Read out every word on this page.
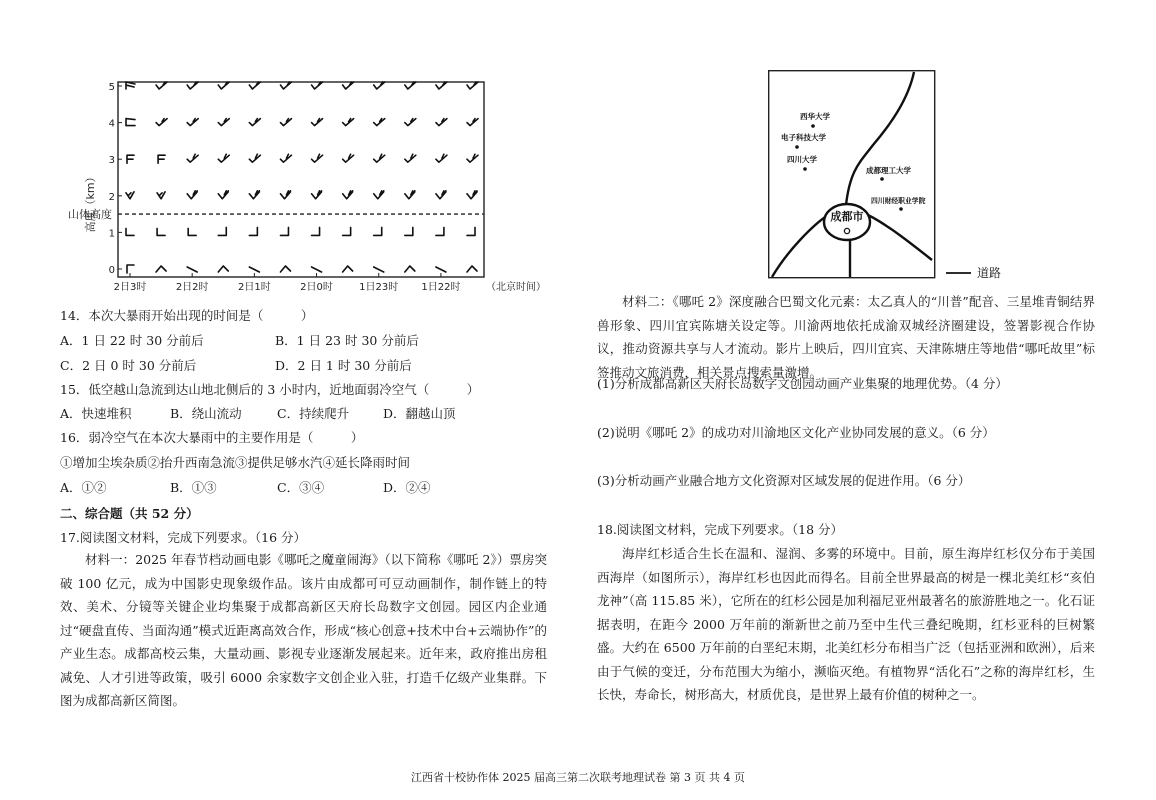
高度（km）
5
4
3
2
1
0
2日3时	2日2时	2日1时	2日0时	1日23时 1日22时	（北京时间）
山体高度
14．本次大暴雨开始出现的时间是（　　　）
A．1 日 22 时 30 分前后	B．1 日 23 时 30 分前后
C．2 日 0 时 30 分前后	D．2 日 1 时 30 分前后
15．低空越山急流到达山地北侧后的 3 小时内，近地面弱冷空气（　　　）
A．快速堆积	B．绕山流动	C．持续爬升	D．翻越山顶
16．弱冷空气在本次大暴雨中的主要作用是（　　　）
①增加尘埃杂质②抬升西南急流③提供足够水汽④延长降雨时间
A．①②	B．①③	C．③④	D．②④
二、综合题（共 52 分）
17.阅读图文材料，完成下列要求。（16 分）
材料一：2025 年春节档动画电影《哪吒之魔童闹海》（以下简称《哪吒 2》）票房突破 100 亿元，成为中国影史现象级作品。该片由成都可可豆动画制作，制作链上的特效、美术、分镜等关键企业均集聚于成都高新区天府长岛数字文创园。园区内企业通过“硬盘直传、当面沟通”模式近距离高效合作，形成“核心创意+技术中台+云端协作”的产业生态。成都高校云集，大量动画、影视专业逐渐发展起来。近年来，政府推出房租减免、人才引进等政策，吸引 6000 余家数字文创企业入驻，打造千亿级产业集群。下图为成都高新区简图。
成都市
西华大学
电子科技大学
四川大学
成都理工大学
四川财经职业学院
道路
材料二：《哪吒 2》深度融合巴蜀文化元素：太乙真人的“川普”配音、三星堆青铜结界兽形象、四川宜宾陈塘关设定等。川渝两地依托成渝双城经济圈建设，签署影视合作协议，推动资源共享与人才流动。影片上映后，四川宜宾、天津陈塘庄等地借“哪吒故里”标签推动文旅消费，相关景点搜索量激增。
(1)分析成都高新区天府长岛数字文创园动画产业集聚的地理优势。（4 分）
(2)说明《哪吒 2》的成功对川渝地区文化产业协同发展的意义。（6 分）
(3)分析动画产业融合地方文化资源对区域发展的促进作用。（6 分）
18.阅读图文材料，完成下列要求。（18 分）
海岸红杉适合生长在温和、湿润、多雾的环境中。目前，原生海岸红杉仅分布于美国西海岸（如图所示），海岸红杉也因此而得名。目前全世界最高的树是一棵北美红杉“亥伯龙神”（高 115.85 米），它所在的红杉公园是加利福尼亚州最著名的旅游胜地之一。化石证据表明，在距今 2000 万年前的渐新世之前乃至中生代三叠纪晚期，红杉亚科的巨树繁盛。大约在 6500 万年前的白垩纪末期，北美红杉分布相当广泛（包括亚洲和欧洲），后来由于气候的变迁，分布范围大为缩小，濒临灭绝。有植物界“活化石”之称的海岸红杉，生长快，寿命长，树形高大，材质优良，是世界上最有价值的树种之一。
江西省十校协作体 2025 届高三第二次联考地理试卷 第 3 页 共 4 页
